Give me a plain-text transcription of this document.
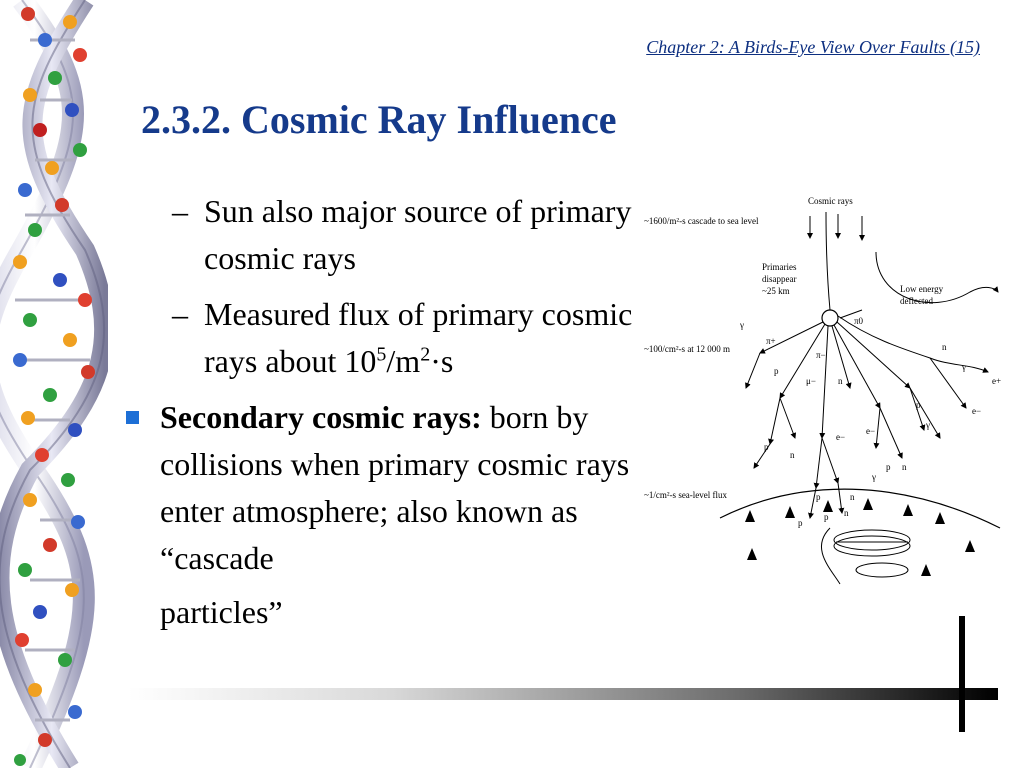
Chapter 2: A Birds-Eye View Over Faults (15)
2.3.2. Cosmic Ray Influence
– Sun also major source of primary cosmic rays
– Measured flux of primary cosmic rays about $10^5/m^2\cdot s$
Secondary cosmic rays: born by collisions when primary cosmic rays enter atmosphere; also known as “cascade
particles”
Cosmic rays
~1600/m²-s cascade to sea level
Primaries
disappear
~25 km	Low energy
deflected
~100/cm²-s at 12 000 m
γ
π+
π0
π−
n
p
μ− n
γ
e+
e−
p
p
n
e−
e−
γ
p n
γ
p
n
p
p
n
~1/cm²-s sea-level flux
